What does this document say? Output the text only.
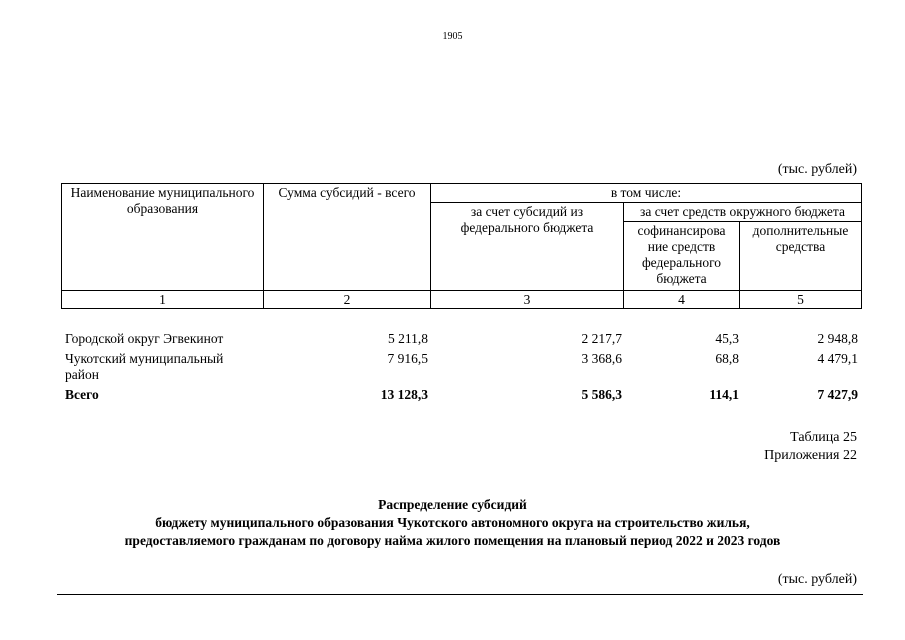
1905
(тыс. рублей)
Наименование муниципального образования	Сумма субсидий - всего	в том числе:		
		за счет субсидий из федерального бюджета	за счет средств окружного бюджета	
			софинансирова ние средств федерального бюджета	дополнительные средства
1	2	3	4	5
Городской округ Эгвекинот	5 211,8	2 217,7	45,3	2 948,8
Чукотский муниципальный район	7 916,5	3 368,6	68,8	4 479,1
Всего	13 128,3	5 586,3	114,1	7 427,9
Таблица 25
Приложения 22
Распределение субсидий
бюджету муниципального образования Чукотского автономного округа на строительство жилья,
предоставляемого гражданам по договору найма жилого помещения на плановый период 2022 и 2023 годов
(тыс. рублей)
